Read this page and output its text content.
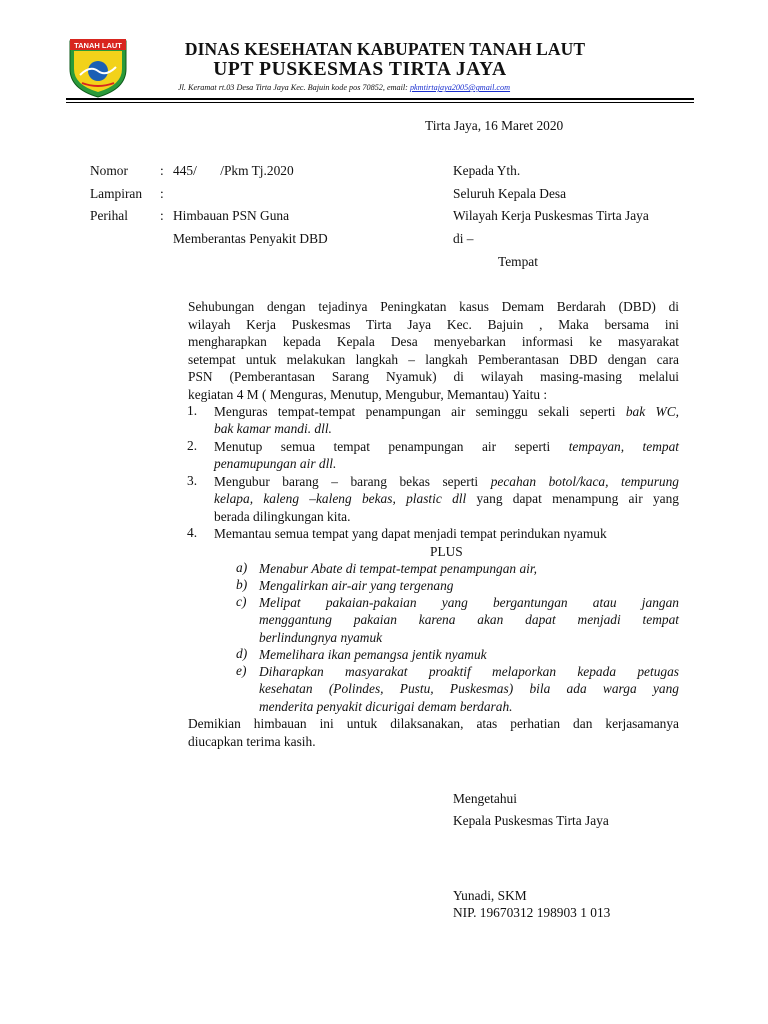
TANAH LAUT	DINAS KESEHATAN KABUPATEN TANAH LAUT
UPT PUSKESMAS TIRTA JAYA
Jl. Keramat rt.03 Desa Tirta Jaya Kec. Bajuin kode pos 70852, email: pkmtirtajaya2005@gmail.com
Tirta Jaya, 16 Maret 2020
Nomor : 445/       /Pkm Tj.2020
Lampiran :
Perihal : Himbauan PSN Guna
Memberantas Penyakit DBD
Kepada Yth.
Seluruh Kepala Desa
Wilayah Kerja Puskesmas Tirta Jaya
di –
Tempat
Sehubungan dengan tejadinya Peningkatan kasus Demam Berdarah (DBD) di
wilayah Kerja Puskesmas Tirta Jaya Kec. Bajuin , Maka bersama ini
mengharapkan kepada Kepala Desa menyebarkan informasi ke masyarakat
setempat untuk melakukan langkah – langkah Pemberantasan DBD dengan cara
PSN (Pemberantasan Sarang Nyamuk) di wilayah masing-masing melalui
kegiatan 4 M ( Menguras, Menutup, Mengubur, Memantau) Yaitu :
1. Menguras tempat-tempat penampungan air seminggu sekali seperti bak WC,
bak kamar mandi. dll.
2. Menutup semua tempat penampungan air seperti tempayan, tempat
penamupungan air dll.
3. Mengubur barang – barang bekas seperti pecahan botol/kaca, tempurung
kelapa, kaleng –kaleng bekas, plastic dll yang dapat menampung air yang
berada dilingkungan kita.
4. Memantau semua tempat yang dapat menjadi tempat perindukan nyamuk
PLUS
a) Menabur Abate di tempat-tempat penampungan air,
b) Mengalirkan air-air yang tergenang
c) Melipat pakaian-pakaian yang bergantungan atau jangan
menggantung pakaian karena akan dapat menjadi tempat
berlindungnya nyamuk
d) Memelihara ikan pemangsa jentik nyamuk
e) Diharapkan masyarakat proaktif melaporkan kepada petugas
kesehatan (Polindes, Pustu, Puskesmas) bila ada warga yang
menderita penyakit dicurigai demam berdarah.
Demikian himbauan ini untuk dilaksanakan, atas perhatian dan kerjasamanya
diucapkan terima kasih.
Mengetahui
Kepala Puskesmas Tirta Jaya
Yunadi, SKM
NIP. 19670312 198903 1 013
